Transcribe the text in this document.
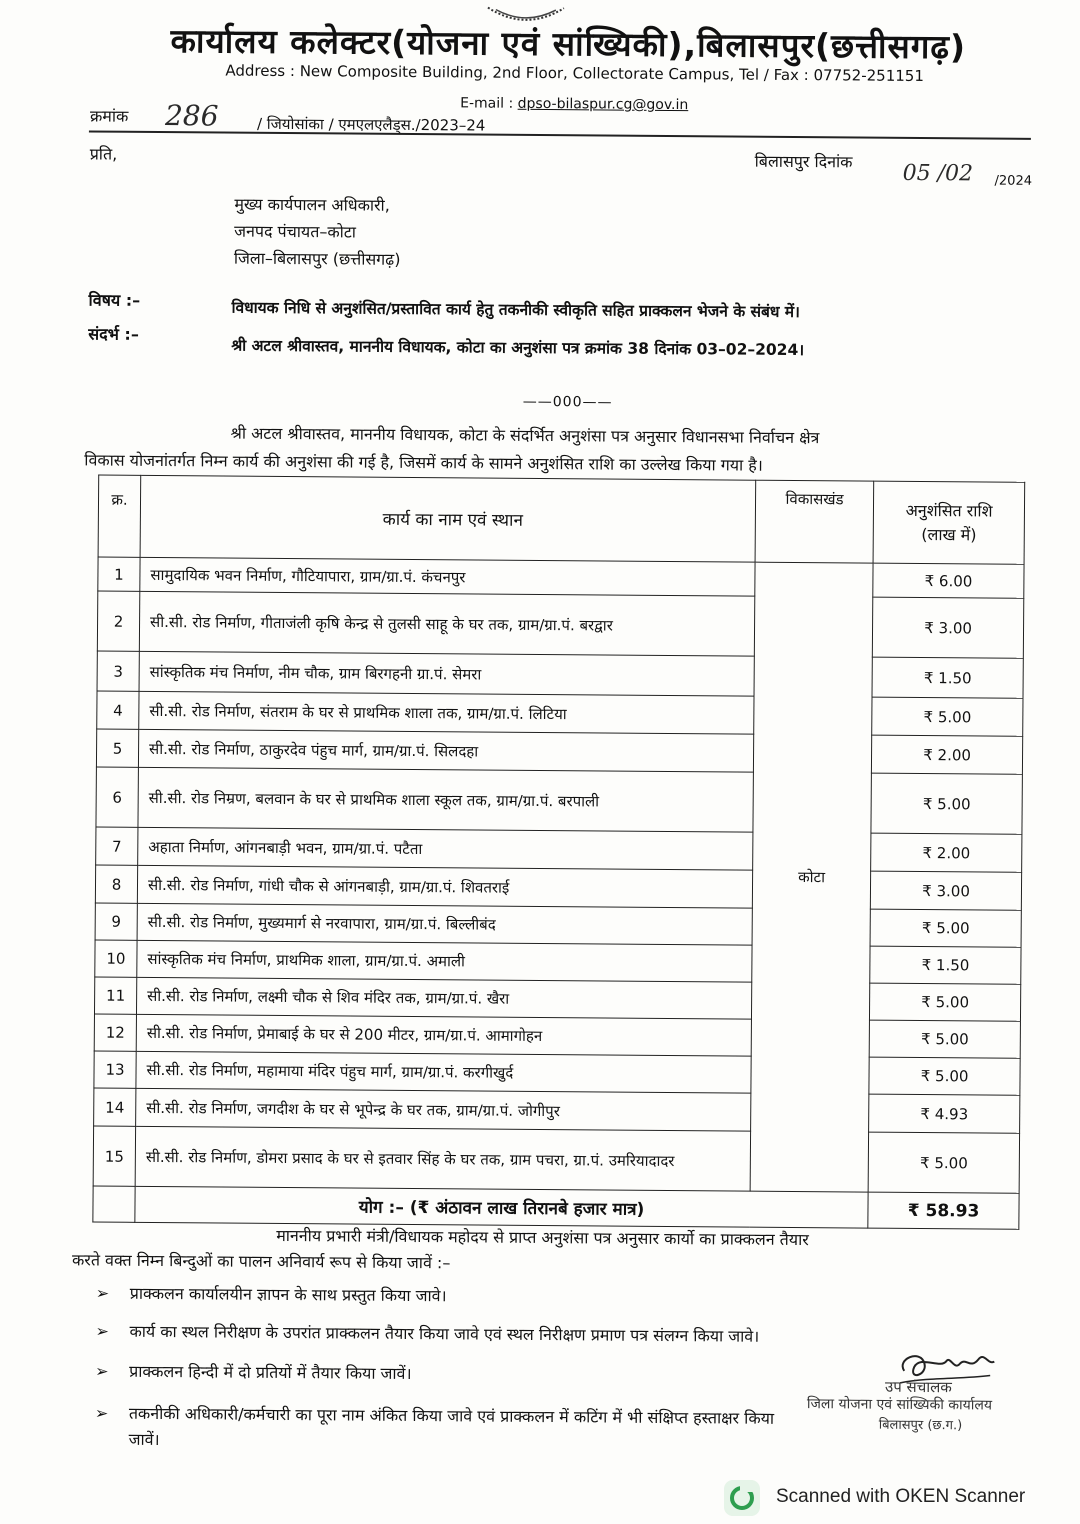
कार्यालय कलेक्टर(योजना एवं सांख्यिकी),बिलासपुर(छत्तीसगढ़)
Address : New Composite Building, 2nd Floor, Collectorate Campus, Tel / Fax : 07752-251151
E-mail : dpso-bilaspur.cg@gov.in
क्रमांक 286	/ जियोसांका / एमएलएलैड्स./2023–24
प्रति,	बिलासपुर दिनांक 05 /02 /2024
मुख्य कार्यपालन अधिकारी,
जनपद पंचायत–कोटा
जिला–बिलासपुर (छत्तीसगढ़)
विषय :–	विधायक निधि से अनुशंसित/प्रस्तावित कार्य हेतु तकनीकी स्वीकृति सहित प्राक्कलन भेजने के संबंध में।
संदर्भ :–
श्री अटल श्रीवास्तव, माननीय विधायक, कोटा का अनुशंसा पत्र क्रमांक 38 दिनांक 03–02–2024।
——000——
श्री अटल श्रीवास्तव, माननीय विधायक, कोटा के संदर्भित अनुशंसा पत्र अनुसार विधानसभा निर्वाचन क्षेत्र
विकास योजनांतर्गत निम्न कार्य की अनुशंसा की गई है, जिसमें कार्य के सामने अनुशंसित राशि का उल्लेख किया गया है।
क्र.	कार्य का नाम एवं स्थान	विकासखंड	अनुशंसित राशि
(लाख में)

1	सामुदायिक भवन निर्माण, गौटियापारा, ग्राम/ग्रा.पं. कंचनपुर	कोटा	₹ 6.00
2	सी.सी. रोड निर्माण, गीताजंली कृषि केन्द्र से तुलसी साहू के घर तक, ग्राम/ग्रा.पं. बरद्वार		₹ 3.00
3	सांस्कृतिक मंच निर्माण, नीम चौक, ग्राम बिरगहनी ग्रा.पं. सेमरा		₹ 1.50
4	सी.सी. रोड निर्माण, संतराम के घर से प्राथमिक शाला तक, ग्राम/ग्रा.पं. लिटिया		₹ 5.00
5	सी.सी. रोड निर्माण, ठाकुरदेव पंहुच मार्ग, ग्राम/ग्रा.पं. सिलदहा		₹ 2.00
6	सी.सी. रोड निम्रण, बलवान के घर से प्राथमिक शाला स्कूल तक, ग्राम/ग्रा.पं. बरपाली		₹ 5.00
7	अहाता निर्माण, आंगनबाड़ी भवन, ग्राम/ग्रा.पं. पटैता		₹ 2.00
8	सी.सी. रोड निर्माण, गांधी चौक से आंगनबाड़ी, ग्राम/ग्रा.पं. शिवतराई		₹ 3.00
9	सी.सी. रोड निर्माण, मुख्यमार्ग से नरवापारा, ग्राम/ग्रा.पं. बिल्लीबंद		₹ 5.00
10	सांस्कृतिक मंच निर्माण, प्राथमिक शाला, ग्राम/ग्रा.पं. अमाली		₹ 1.50
11	सी.सी. रोड निर्माण, लक्ष्मी चौक से शिव मंदिर तक, ग्राम/ग्रा.पं. खैरा		₹ 5.00
12	सी.सी. रोड निर्माण, प्रेमाबाई के घर से 200 मीटर, ग्राम/ग्रा.पं. आमागोहन		₹ 5.00
13	सी.सी. रोड निर्माण, महामाया मंदिर पंहुच मार्ग, ग्राम/ग्रा.पं. करगीखुर्द		₹ 5.00
14	सी.सी. रोड निर्माण, जगदीश के घर से भूपेन्द्र के घर तक, ग्राम/ग्रा.पं. जोगीपुर		₹ 4.93
15	सी.सी. रोड निर्माण, डोमरा प्रसाद के घर से इतवार सिंह के घर तक, ग्राम पचरा, ग्रा.पं. उमरियादादर		₹ 5.00
	योग :– (₹ अंठावन लाख तिरानबे हजार मात्र)		₹ 58.93
माननीय प्रभारी मंत्री/विधायक महोदय से प्राप्त अनुशंसा पत्र अनुसार कार्यो का प्राक्कलन तैयार
करते वक्त निम्न बिन्दुओं का पालन अनिवार्य रूप से किया जावें :–
➢ प्राक्कलन कार्यालयीन ज्ञापन के साथ प्रस्तुत किया जावे।
➢ कार्य का स्थल निरीक्षण के उपरांत प्राक्कलन तैयार किया जावे एवं स्थल निरीक्षण प्रमाण पत्र संलग्न किया जावे।
➢ प्राक्कलन हिन्दी में दो प्रतियों में तैयार किया जावें।
➢ तकनीकी अधिकारी/कर्मचारी का पूरा नाम अंकित किया जावे एवं प्राक्कलन में कटिंग में भी संक्षिप्त हस्ताक्षर किया
जावें।
उप संचालक
जिला योजना एवं सांख्यिकी कार्यालय
बिलासपुर (छ.ग.)
Scanned with OKEN Scanner
